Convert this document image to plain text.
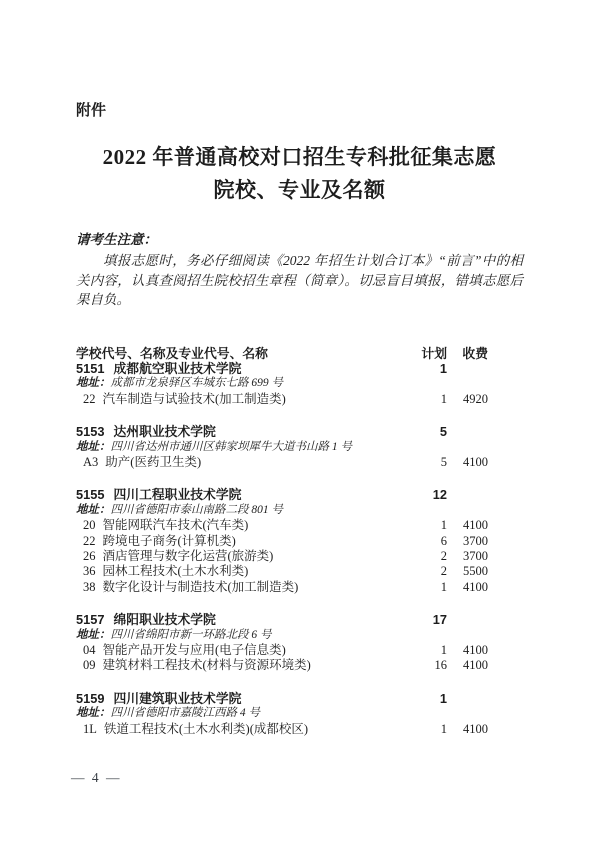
附件
2022 年普通高校对口招生专科批征集志愿
院校、专业及名额
请考生注意：

填报志愿时，务必仔细阅读《2022 年招生计划合订本》“前言”中的相关内容，认真查阅招生院校招生章程（简章）。切忌盲目填报，错填志愿后果自负。

学校代号、名称及专业代号、名称	计划	收费
5151 成都航空职业技术学院	1
地址：成都市龙泉驿区车城东七路 699 号
22 汽车制造与试验技术(加工制造类)	1	4920
5153 达州职业技术学院	5
地址：四川省达州市通川区韩家坝犀牛大道书山路 1 号
A3 助产(医药卫生类)	5	4100
5155 四川工程职业技术学院	12
地址：四川省德阳市泰山南路二段 801 号
20 智能网联汽车技术(汽车类)	1	4100
22 跨境电子商务(计算机类)	6	3700
26 酒店管理与数字化运营(旅游类)	2	3700
36 园林工程技术(土木水利类)	2	5500
38 数字化设计与制造技术(加工制造类)	1	4100
5157 绵阳职业技术学院	17
地址：四川省绵阳市新一环路北段 6 号
04 智能产品开发与应用(电子信息类)	1	4100
09 建筑材料工程技术(材料与资源环境类)	16	4100
5159 四川建筑职业技术学院	1
地址：四川省德阳市嘉陵江西路 4 号
1L 铁道工程技术(土木水利类)(成都校区)	1	4100
— 4 —
